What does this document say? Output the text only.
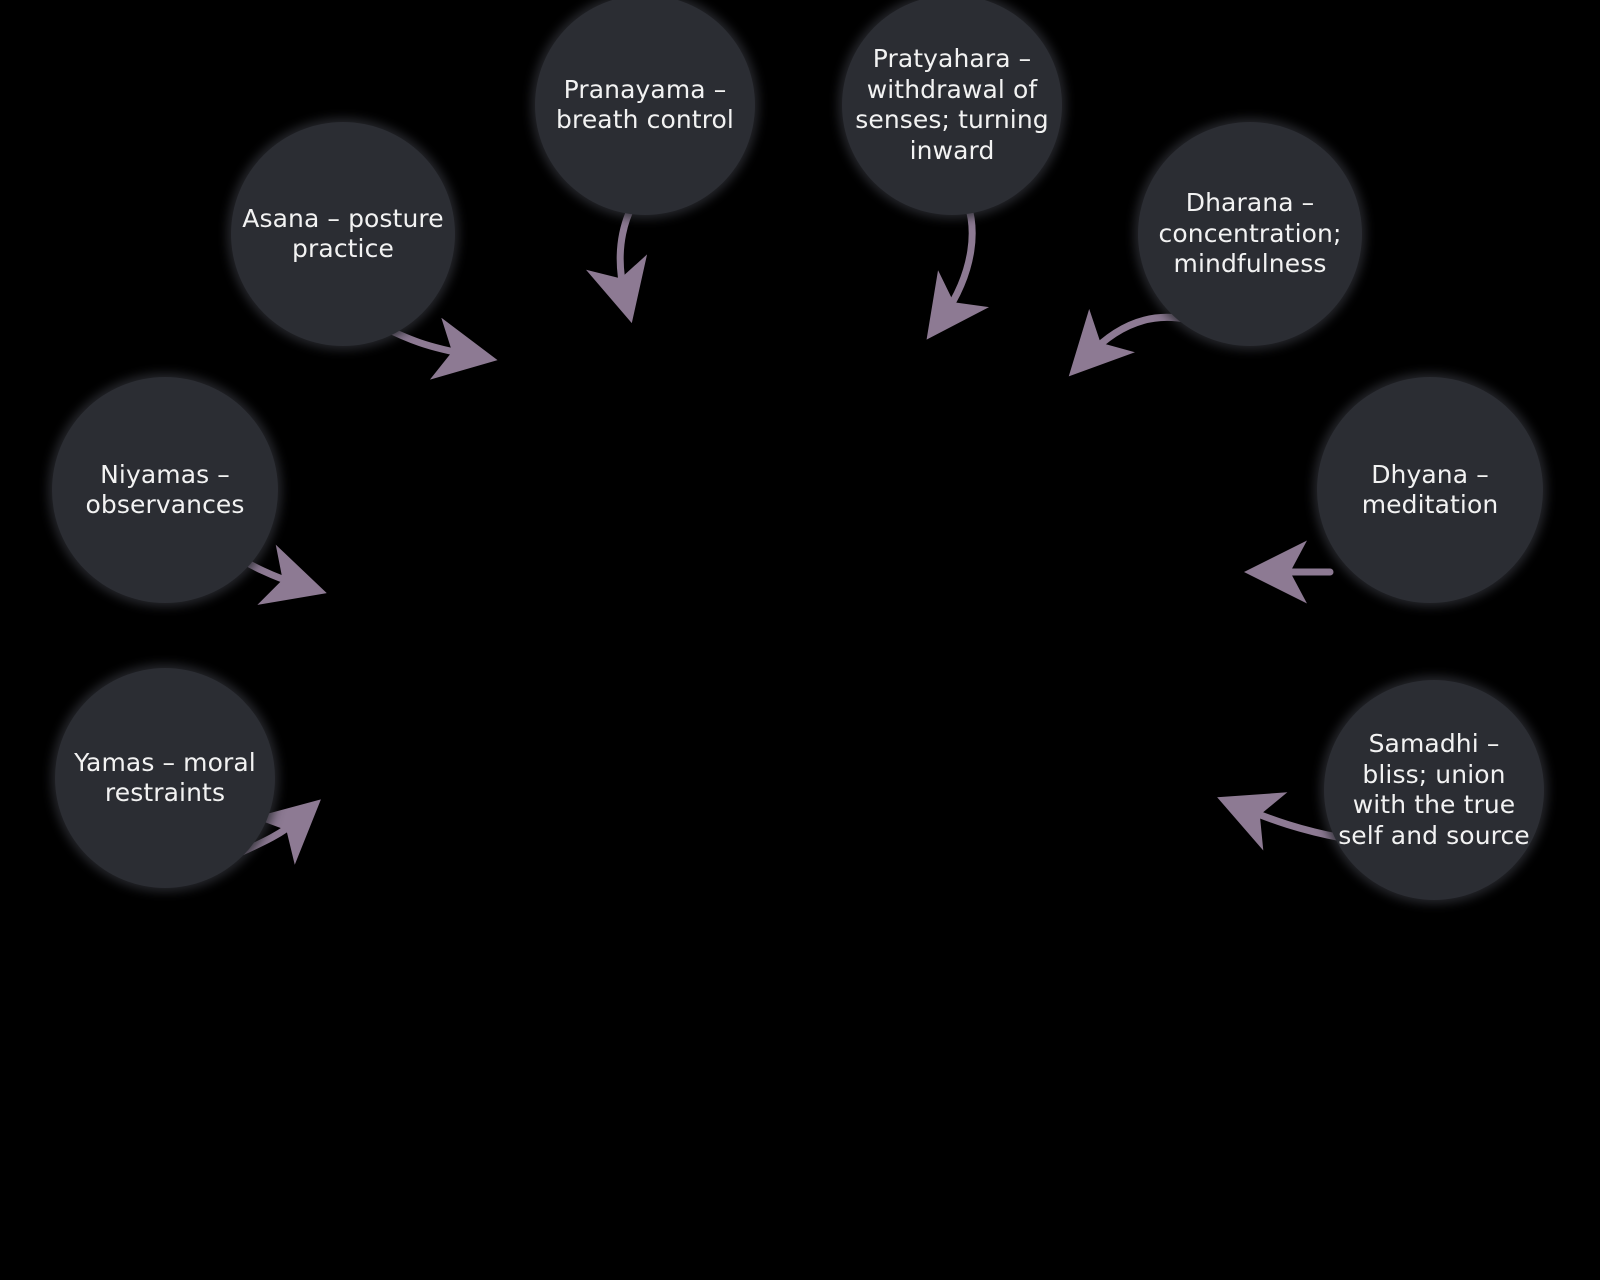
Asana – posture practice
Pranayama – breath control
Pratyahara – withdrawal of senses; turning inward
Dharana – concentration; mindfulness
Niyamas – observances
Dhyana – meditation
Yamas – moral restraints
Samadhi – bliss; union with the true self and source
